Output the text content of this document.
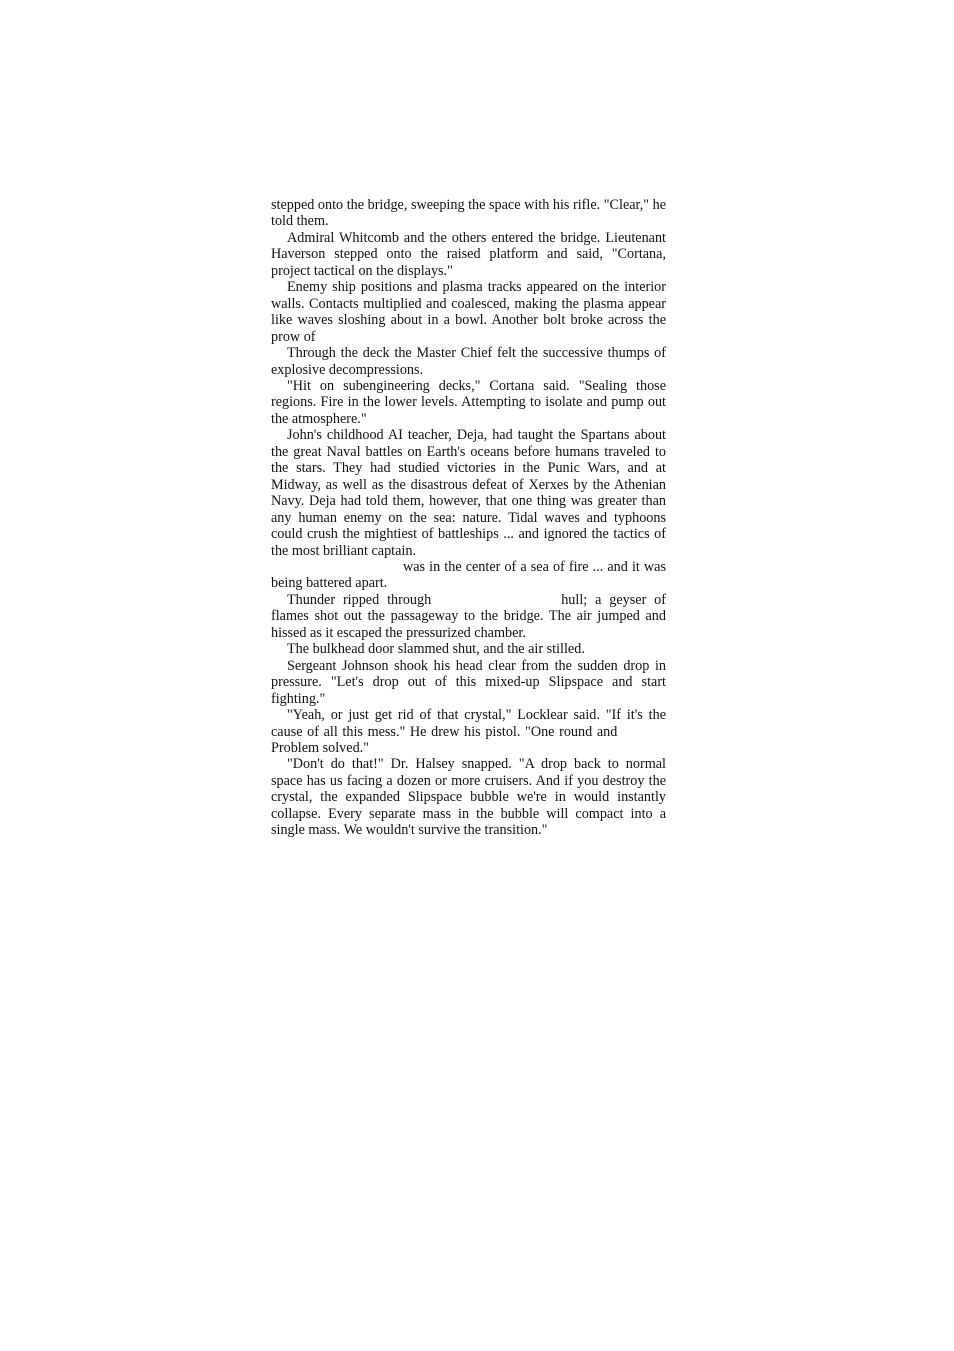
stepped onto the bridge, sweeping the space with his rifle. "Clear," he told them.

Admiral Whitcomb and the others entered the bridge. Lieutenant Haverson stepped onto the raised platform and said, "Cortana, project tactical on the displays."

Enemy ship positions and plasma tracks appeared on the interior walls. Contacts multiplied and coalesced, making the plasma appear like waves sloshing about in a bowl. Another bolt broke across the prow of

Through the deck the Master Chief felt the successive thumps of explosive decompressions.

"Hit on subengineering decks," Cortana said. "Sealing those regions. Fire in the lower levels. Attempting to isolate and pump out the atmosphere."

John's childhood AI teacher, Deja, had taught the Spartans about the great Naval battles on Earth's oceans before humans traveled to the stars. They had studied victories in the Punic Wars, and at Midway, as well as the disastrous defeat of Xerxes by the Athenian Navy. Deja had told them, however, that one thing was greater than any human enemy on the sea: nature. Tidal waves and typhoons could crush the mightiest of battleships ... and ignored the tactics of the most brilliant captain.

was in the center of a sea of fire ... and it was being battered apart.

Thunder ripped through	hull; a geyser of flames shot out the passageway to the bridge. The air jumped and hissed as it escaped the pressurized chamber.

The bulkhead door slammed shut, and the air stilled.

Sergeant Johnson shook his head clear from the sudden drop in pressure. "Let's drop out of this mixed-up Slipspace and start fighting."

"Yeah, or just get rid of that crystal," Locklear said. "If it's the cause of all this mess." He drew his pistol. "One round and Problem solved."

"Don't do that!" Dr. Halsey snapped. "A drop back to normal space has us facing a dozen or more cruisers. And if you destroy the crystal, the expanded Slipspace bubble we're in would instantly collapse. Every separate mass in the bubble will compact into a single mass. We wouldn't survive the transition."
